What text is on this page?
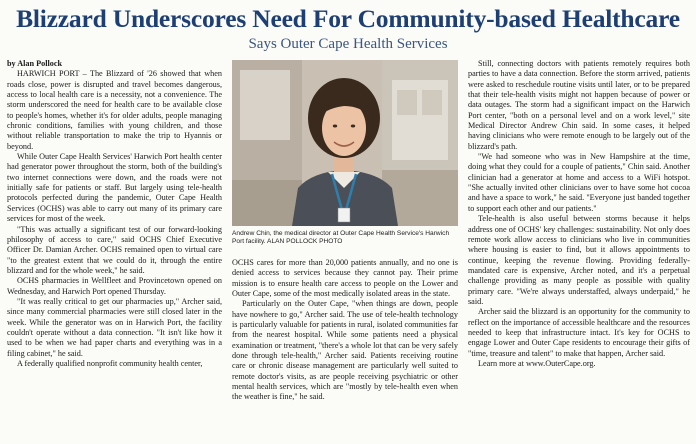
Blizzard Underscores Need For Community-based Healthcare
Says Outer Cape Health Services

by Alan Pollock

HARWICH PORT – The Blizzard of '26 showed that when roads close, power is disrupted and travel becomes dangerous, access to local health care is a necessity, not a convenience. The storm underscored the need for health care to be available close to people's homes, whether it's for older adults, people managing chronic conditions, families with young children, and those without reliable transportation to make the trip to Hyannis or beyond.

While Outer Cape Health Services' Harwich Port health center had generator power throughout the storm, both of the building's two internet connections were down, and the roads were not initially safe for patients or staff. But largely using tele-health protocols perfected during the pandemic, Outer Cape Health Services (OCHS) was able to carry out many of its primary care services for most of the week.

"This was actually a significant test of our forward-looking philosophy of access to care," said OCHS Chief Executive Officer Dr. Damian Archer. OCHS remained open to virtual care "to the greatest extent that we could do it, through the entire blizzard and for the whole week," he said.

OCHS pharmacies in Wellfleet and Provincetown opened on Wednesday, and Harwich Port opened Thursday.

"It was really critical to get our pharmacies up," Archer said, since many commercial pharmacies were still closed later in the week. While the generator was on in Harwich Port, the facility couldn't operate without a data connection. "It isn't like how it used to be when we had paper charts and everything was in a filing cabinet," he said.

A federally qualified nonprofit community health center,

Andrew Chin, the medical director at Outer Cape Health Service's Harwich Port facility. ALAN POLLOCK PHOTO

OCHS cares for more than 20,000 patients annually, and no one is denied access to services because they cannot pay. Their prime mission is to ensure health care access to people on the Lower and Outer Cape, some of the most medically isolated areas in the state.

Particularly on the Outer Cape, "when things are down, people have nowhere to go," Archer said. The use of tele-health technology is particularly valuable for patients in rural, isolated communities far from the nearest hospital. While some patients need a physical examination or treatment, "there's a whole lot that can be very safely done through tele-health," Archer said. Patients receiving routine care or chronic disease management are particularly well suited to remote doctor's visits, as are people receiving psychiatric or other mental health services, which are "mostly by tele-health even when the weather is fine," he said.

Still, connecting doctors with patients remotely requires both parties to have a data connection. Before the storm arrived, patients were asked to reschedule routine visits until later, or to be prepared that their tele-health visits might not happen because of power or data outages. The storm had a significant impact on the Harwich Port center, "both on a personal level and on a work level," site Medical Director Andrew Chin said. In some cases, it helped having clinicians who were remote enough to be largely out of the blizzard's path.

"We had someone who was in New Hampshire at the time, doing what they could for a couple of patients," Chin said. Another clinician had a generator at home and access to a WiFi hotspot. "She actually invited other clinicians over to have some hot cocoa and have a space to work," he said. "Everyone just banded together to support each other and our patients."

Tele-health is also useful between storms because it helps address one of OCHS' key challenges: sustainability. Not only does remote work allow access to clinicians who live in communities where housing is easier to find, but it allows appointments to continue, keeping the revenue flowing. Providing federally-mandated care is expensive, Archer noted, and it's a perpetual challenge providing as many people as possible with quality primary care. "We're always understaffed, always underpaid," he said.

Archer said the blizzard is an opportunity for the community to reflect on the importance of accessible healthcare and the resources needed to keep that infrastructure intact. It's key for OCHS to engage Lower and Outer Cape residents to encourage their gifts of "time, treasure and talent" to make that happen, Archer said.

Learn more at www.OuterCape.org.
